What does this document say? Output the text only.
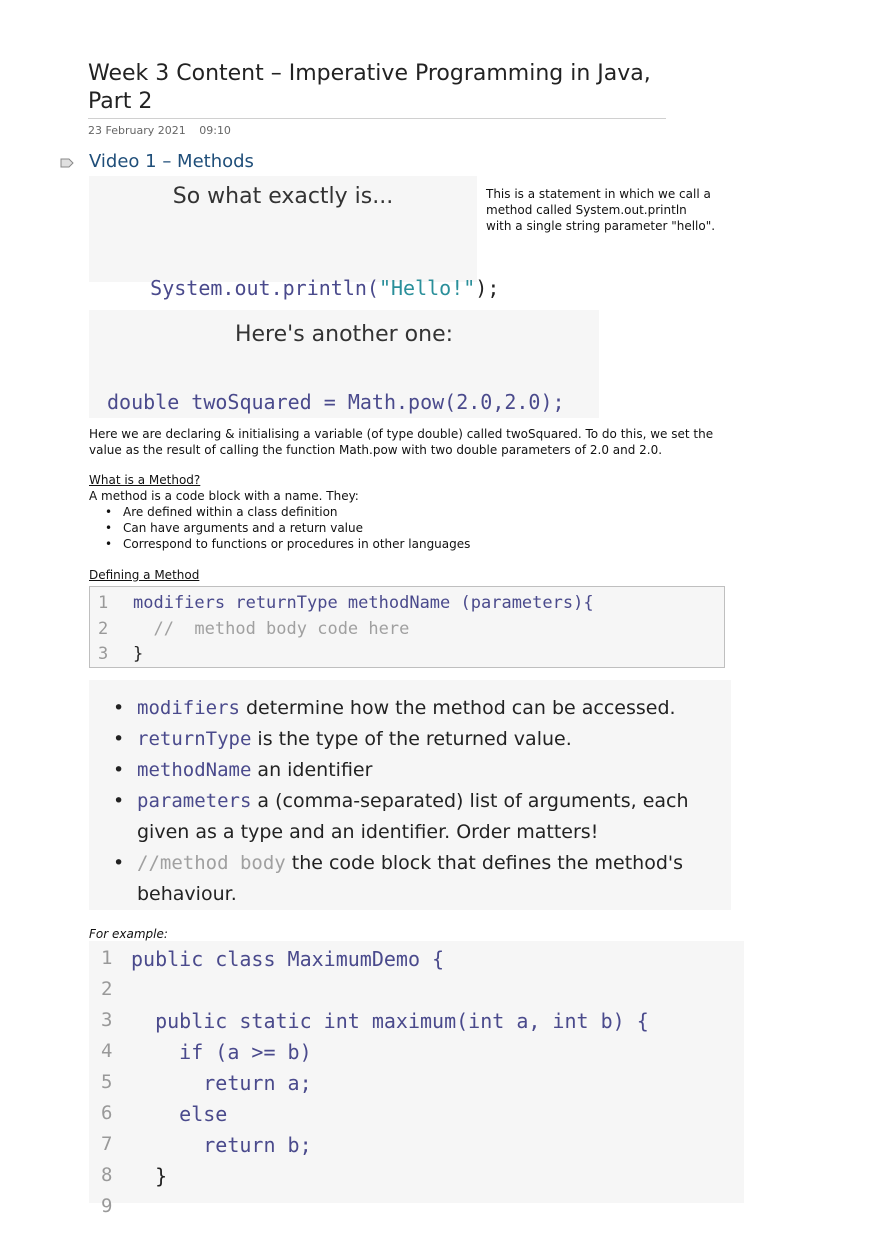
Week 3 Content – Imperative Programming in Java, Part 2
23 February 2021 09:10
Video 1 – Methods
So what exactly is...

System.out.println("Hello!");

This is a statement in which we call a method called System.out.println with a single string parameter "hello".
Here's another one:
double twoSquared = Math.pow(2.0,2.0);
Here we are declaring & initialising a variable (of type double) called twoSquared. To do this, we set the value as the result of calling the function Math.pow with two double parameters of 2.0 and 2.0.
What is a Method?
A method is a code block with a name. They:
• Are defined within a class definition
• Can have arguments and a return value
• Correspond to functions or procedures in other languages
Defining a Method
1
2
3
modifiers returnType methodName (parameters){
//  method body code here
}
• modifiers determine how the method can be accessed.
• returnType is the type of the returned value.
• methodName an identifier
• parameters a (comma-separated) list of arguments, each given as a type and an identifier. Order matters!
• //method body the code block that defines the method's behaviour.
For example:
1
2
3
4
5
6
7
8
9
public class MaximumDemo {
public static int maximum(int a, int b) {
if (a >= b)
return a;
else
return b;
}
